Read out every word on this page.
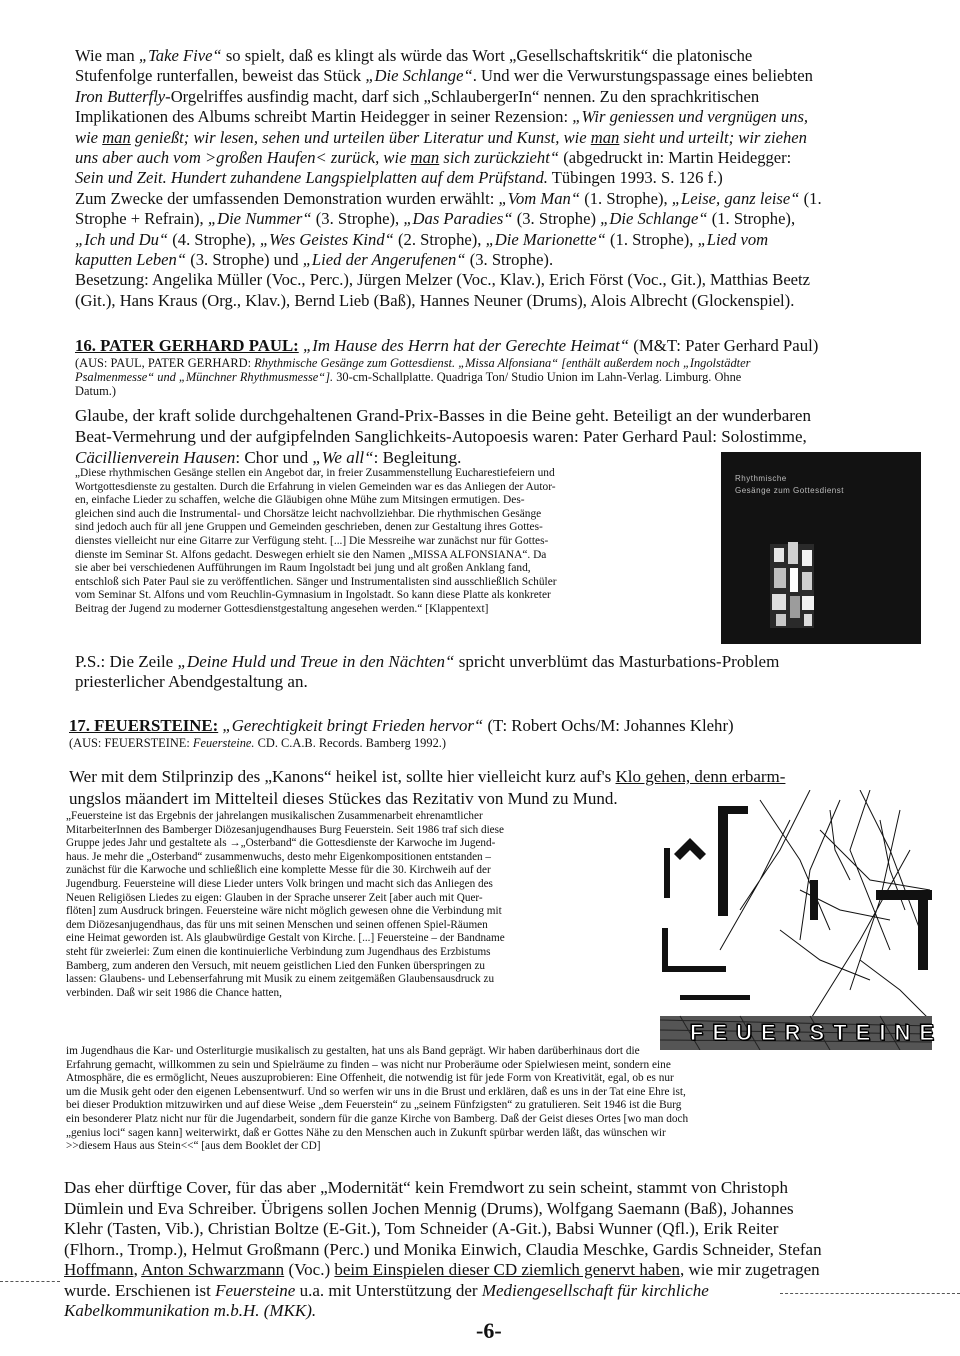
Wie man „Take Five“ so spielt, daß es klingt als würde das Wort „Gesellschaftskritik“ die platonische
Stufenfolge runterfallen, beweist das Stück „Die Schlange“. Und wer die Verwurstungspassage eines beliebten
Iron Butterfly-Orgelriffes ausfindig macht, darf sich „SchlaubergerIn“ nennen. Zu den sprachkritischen
Implikationen des Albums schreibt Martin Heidegger in seiner Rezension: „Wir geniessen und vergnügen uns,
wie man genießt; wir lesen, sehen und urteilen über Literatur und Kunst, wie man sieht und urteilt; wir ziehen
uns aber auch vom >großen Haufen< zurück, wie man sich zurückzieht“ (abgedruckt in: Martin Heidegger:
Sein und Zeit. Hundert zuhandene Langspielplatten auf dem Prüfstand. Tübingen 1993. S. 126 f.)
Zum Zwecke der umfassenden Demonstration wurden erwählt: „Vom Man“ (1. Strophe), „Leise, ganz leise“ (1.
Strophe + Refrain), „Die Nummer“ (3. Strophe), „Das Paradies“ (3. Strophe) „Die Schlange“ (1. Strophe),
„Ich und Du“ (4. Strophe), „Wes Geistes Kind“ (2. Strophe), „Die Marionette“ (1. Strophe), „Lied vom
kaputten Leben“ (3. Strophe) und „Lied der Angerufenen“ (3. Strophe).
Besetzung: Angelika Müller (Voc., Perc.), Jürgen Melzer (Voc., Klav.), Erich Först (Voc., Git.), Matthias Beetz
(Git.), Hans Kraus (Org., Klav.), Bernd Lieb (Baß), Hannes Neuner (Drums), Alois Albrecht (Glockenspiel).
16. PATER GERHARD PAUL: „Im Hause des Herrn hat der Gerechte Heimat“ (M&T: Pater Gerhard Paul)
(AUS: PAUL, PATER GERHARD: Rhythmische Gesänge zum Gottesdienst. „Missa Alfonsiana“ [enthält außerdem noch „Ingolstädter
Psalmenmesse“ und „Münchner Rhythmusmesse“]. 30-cm-Schallplatte. Quadriga Ton/ Studio Union im Lahn-Verlag. Limburg. Ohne
Datum.)
Glaube, der kraft solide durchgehaltenen Grand-Prix-Basses in die Beine geht. Beteiligt an der wunderbaren
Beat-Vermehrung und der aufgipfelnden Sanglichkeits-Autopoesis waren: Pater Gerhard Paul: Solostimme,
Cäcillienverein Hausen: Chor und „We all“: Begleitung.
„Diese rhythmischen Gesänge stellen ein Angebot dar, in freier Zusammenstellung Eucharestiefeiern und
Wortgottesdienste zu gestalten. Durch die Erfahrung in vielen Gemeinden war es das Anliegen der Autor-
en, einfache Lieder zu schaffen, welche die Gläubigen ohne Mühe zum Mitsingen ermutigen. Des-
gleichen sind auch die Instrumental- und Chorsätze leicht nachvollziehbar. Die rhythmischen Gesänge
sind jedoch auch für all jene Gruppen und Gemeinden geschrieben, denen zur Gestaltung ihres Gottes-
dienstes vielleicht nur eine Gitarre zur Verfügung steht. [...] Die Messreihe war zunächst nur für Gottes-
dienste im Seminar St. Alfons gedacht. Deswegen erhielt sie den Namen „MISSA ALFONSIANA“. Da
sie aber bei verschiedenen Aufführungen im Raum Ingolstadt bei jung und alt großen Anklang fand,
entschloß sich Pater Paul sie zu veröffentlichen. Sänger und Instrumentalisten sind ausschließlich Schüler
vom Seminar St. Alfons und vom Reuchlin-Gymnasium in Ingolstadt. So kann diese Platte als konkreter
Beitrag der Jugend zu moderner Gottesdienstgestaltung angesehen werden.“ [Klappentext]
Rhythmische
Gesänge zum Gottesdienst
P.S.: Die Zeile „Deine Huld und Treue in den Nächten“ spricht unverblümt das Masturbations-Problem
priesterlicher Abendgestaltung an.
17. FEUERSTEINE: „Gerechtigkeit bringt Frieden hervor“ (T: Robert Ochs/M: Johannes Klehr)
(AUS: FEUERSTEINE: Feuersteine. CD. C.A.B. Records. Bamberg 1992.)
Wer mit dem Stilprinzip des „Kanons“ heikel ist, sollte hier vielleicht kurz auf's Klo gehen, denn erbarm-
ungslos mäandert im Mittelteil dieses Stückes das Rezitativ von Mund zu Mund.
„Feuersteine ist das Ergebnis der jahrelangen musikalischen Zusammenarbeit ehrenamtlicher
MitarbeiterInnen des Bamberger Diözesanjugendhauses Burg Feuerstein. Seit 1986 traf sich diese
Gruppe jedes Jahr und gestaltete als →„Osterband“ die Gottesdienste der Karwoche im Jugend-
haus. Je mehr die „Osterband“ zusammenwuchs, desto mehr Eigenkompositionen entstanden –
zunächst für die Karwoche und schließlich eine komplette Messe für die 30. Kirchweih auf der
Jugendburg. Feuersteine will diese Lieder unters Volk bringen und macht sich das Anliegen des
Neuen Religiösen Liedes zu eigen: Glauben in der Sprache unserer Zeit [aber auch mit Quer-
flöten] zum Ausdruck bringen. Feuersteine wäre nicht möglich gewesen ohne die Verbindung mit
dem Diözesanjugendhaus, das für uns mit seinen Menschen und seinen offenen Spiel-Räumen
eine Heimat geworden ist. Als glaubwürdige Gestalt von Kirche. [...] Feuersteine – der Bandname
steht für zweierlei: Zum einen die kontinuierliche Verbindung zum Jugendhaus des Erzbistums
Bamberg, zum anderen den Versuch, mit neuem geistlichen Lied den Funken überspringen zu
lassen: Glaubens- und Lebenserfahrung mit Musik zu einem zeitgemäßen Glaubensausdruck zu
verbinden. Daß wir seit 1986 die Chance hatten,
FEUERSTEINE
im Jugendhaus die Kar- und Osterliturgie musikalisch zu gestalten, hat uns als Band geprägt. Wir haben darüberhinaus dort die
Erfahrung gemacht, willkommen zu sein und Spielräume zu finden – was nicht nur Proberäume oder Spielwiesen meint, sondern eine
Atmosphäre, die es ermöglicht, Neues auszuprobieren: Eine Offenheit, die notwendig ist für jede Form von Kreativität, egal, ob es nur
um die Musik geht oder den eigenen Lebensentwurf. Und so werfen wir uns in die Brust und erklären, daß es uns in der Tat eine Ehre ist,
bei dieser Produktion mitzuwirken und auf diese Weise „dem Feuerstein“ zu „seinem Fünfzigsten“ zu gratulieren. Seit 1946 ist die Burg
ein besonderer Platz nicht nur für die Jugendarbeit, sondern für die ganze Kirche von Bamberg. Daß der Geist dieses Ortes [wo man doch
„genius loci“ sagen kann] weiterwirkt, daß er Gottes Nähe zu den Menschen auch in Zukunft spürbar werden läßt, das wünschen wir
>>diesem Haus aus Stein<<“ [aus dem Booklet der CD]
Das eher dürftige Cover, für das aber „Modernität“ kein Fremdwort zu sein scheint, stammt von Christoph
Dümlein und Eva Schreiber. Übrigens sollen Jochen Mennig (Drums), Wolfgang Saemann (Baß), Johannes
Klehr (Tasten, Vib.), Christian Boltze (E-Git.), Tom Schneider (A-Git.), Babsi Wunner (Qfl.), Erik Reiter
(Flhorn., Tromp.), Helmut Großmann (Perc.) und Monika Einwich, Claudia Meschke, Gardis Schneider, Stefan
Hoffmann, Anton Schwarzmann (Voc.) beim Einspielen dieser CD ziemlich genervt haben, wie mir zugetragen
wurde. Erschienen ist Feuersteine u.a. mit Unterstützung der Mediengesellschaft für kirchliche
Kabelkommunikation m.b.H. (MKK).
-6-
